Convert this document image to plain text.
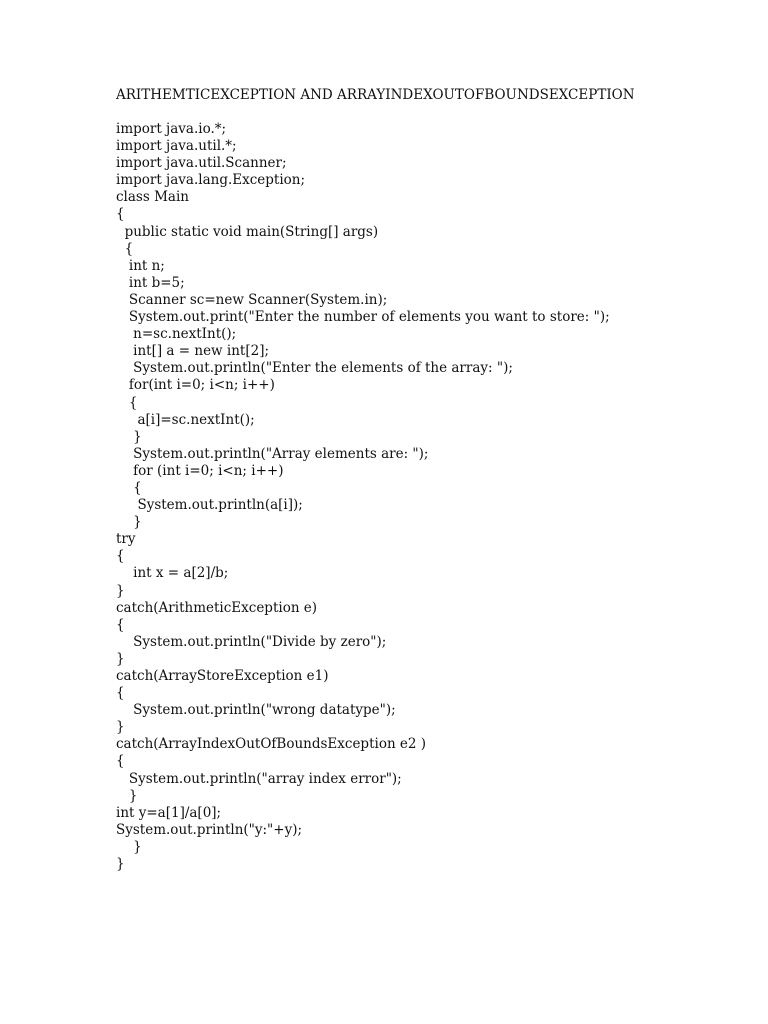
ARITHEMTICEXCEPTION AND ARRAYINDEXOUTOFBOUNDSEXCEPTION
import java.io.*;
import java.util.*;
import java.util.Scanner;
import java.lang.Exception;
class Main
{
public static void main(String[] args)
{
int n;
int b=5;
Scanner sc=new Scanner(System.in);
System.out.print("Enter the number of elements you want to store: ");
n=sc.nextInt();
int[] a = new int[2];
System.out.println("Enter the elements of the array: ");
for(int i=0; i<n; i++)
{
a[i]=sc.nextInt();
}
System.out.println("Array elements are: ");
for (int i=0; i<n; i++)
{
System.out.println(a[i]);
}
try
{
int x = a[2]/b;
}
catch(ArithmeticException e)
{
System.out.println("Divide by zero");
}
catch(ArrayStoreException e1)
{
System.out.println("wrong datatype");
}
catch(ArrayIndexOutOfBoundsException e2 )
{
System.out.println("array index error");
}
int y=a[1]/a[0];
System.out.println("y:"+y);
}
}
